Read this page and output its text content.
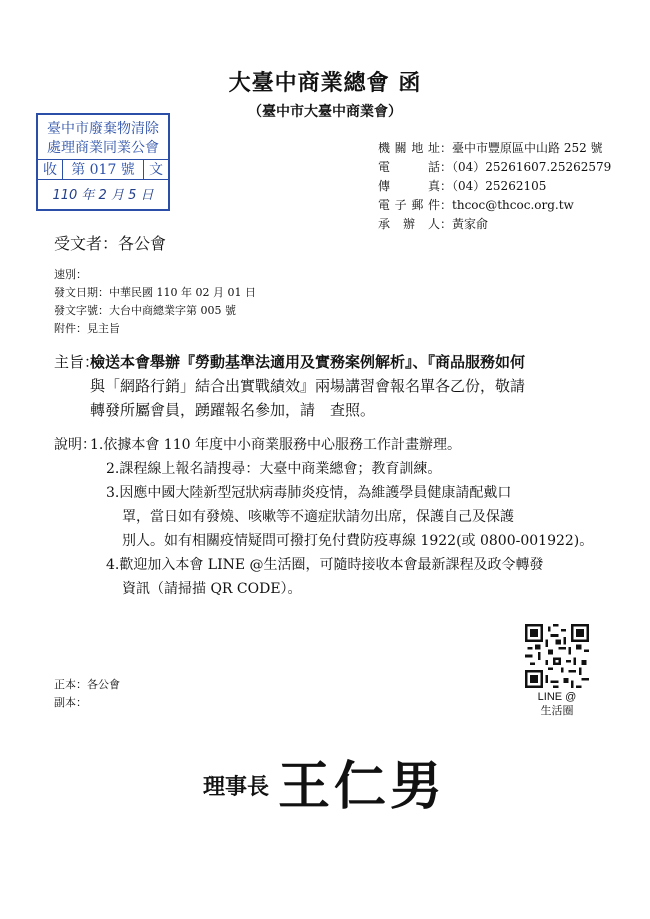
大臺中商業總會 函
（臺中市大臺中商業會）
臺中市廢棄物清除
處理商業同業公會
收	第 017 號	文
110 年 2 月 5 日
機關地址：臺中市豐原區中山路 252 號
電　　話：（04）25261607.25262579
傳　　真：（04）25262105
電子郵件：thcoc@thcoc.org.tw
承 辦 人：黃家俞
受文者：各公會
速別：
發文日期：中華民國 110 年 02 月 01 日
發文字號：大台中商總業字第 005 號
附件：見主旨
主旨：
檢送本會舉辦『勞動基準法適用及實務案例解析』、『商品服務如何
與「網路行銷」結合出實戰績效』兩場講習會報名單各乙份，敬請
轉發所屬會員，踴躍報名參加，請　查照。
說明：
1.依據本會 110 年度中小商業服務中心服務工作計畫辦理。
2.課程線上報名請搜尋：大臺中商業總會；教育訓練。
3.因應中國大陸新型冠狀病毒肺炎疫情，為維護學員健康請配戴口
罩，當日如有發燒、咳嗽等不適症狀請勿出席，保護自己及保護
別人。如有相關疫情疑問可撥打免付費防疫專線 1922(或 0800-001922)。
4.歡迎加入本會 LINE @生活圈，可隨時接收本會最新課程及政令轉發
資訊（請掃描 QR CODE）。
LINE @
生活圈
正本：各公會
副本：
理事長 王仁男
